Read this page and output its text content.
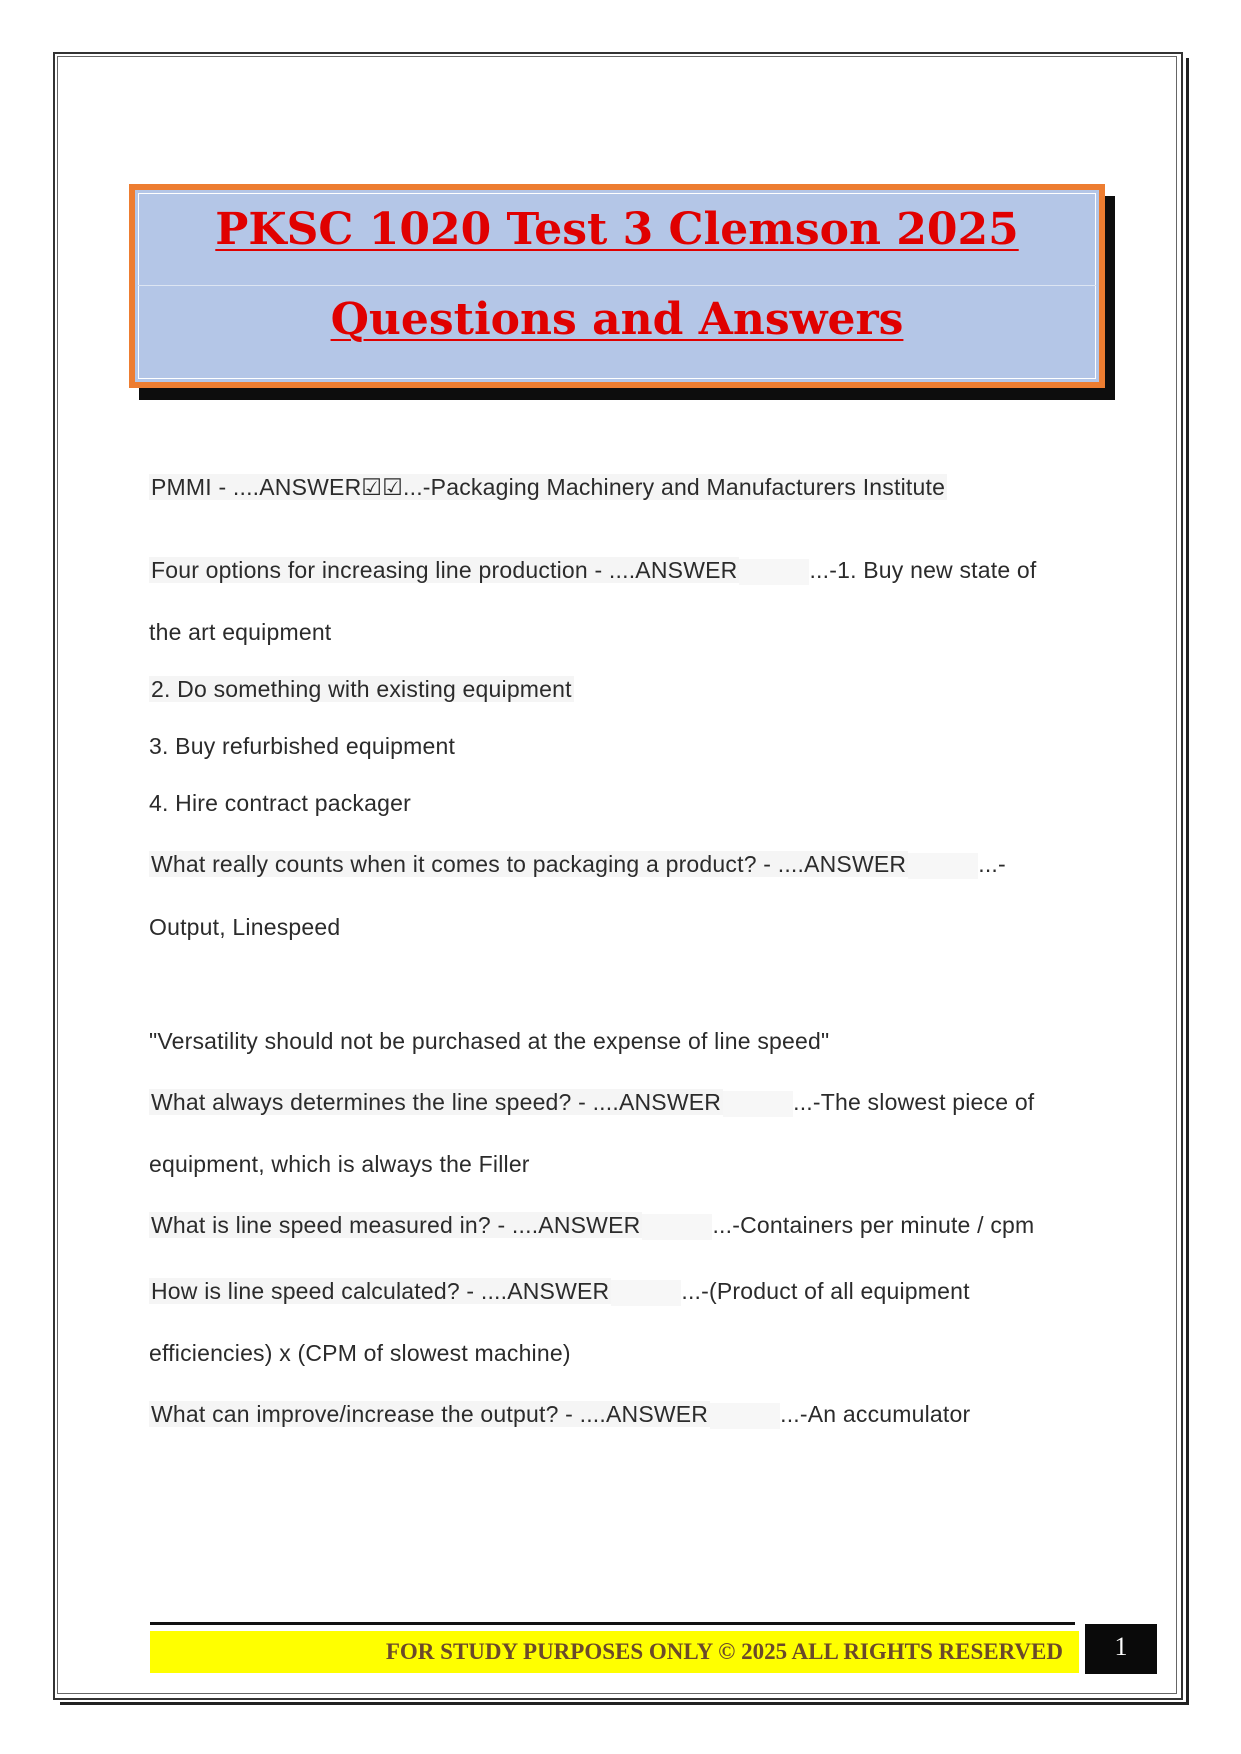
PKSC 1020 Test 3 Clemson 2025
Questions and Answers
PMMI - ....ANSWER☑☑...-Packaging Machinery and Manufacturers Institute
Four options for increasing line production - ....ANSWER	...-1. Buy new state of
the art equipment
2. Do something with existing equipment
3. Buy refurbished equipment
4. Hire contract packager
What really counts when it comes to packaging a product? - ....ANSWER	...-
Output, Linespeed
"Versatility should not be purchased at the expense of line speed"
What always determines the line speed? - ....ANSWER	...-The slowest piece of
equipment, which is always the Filler
What is line speed measured in? - ....ANSWER	...-Containers per minute / cpm
How is line speed calculated? - ....ANSWER	...-(Product of all equipment
efficiencies) x (CPM of slowest machine)
What can improve/increase the output? - ....ANSWER	...-An accumulator
FOR STUDY PURPOSES ONLY © 2025 ALL RIGHTS RESERVED	1
